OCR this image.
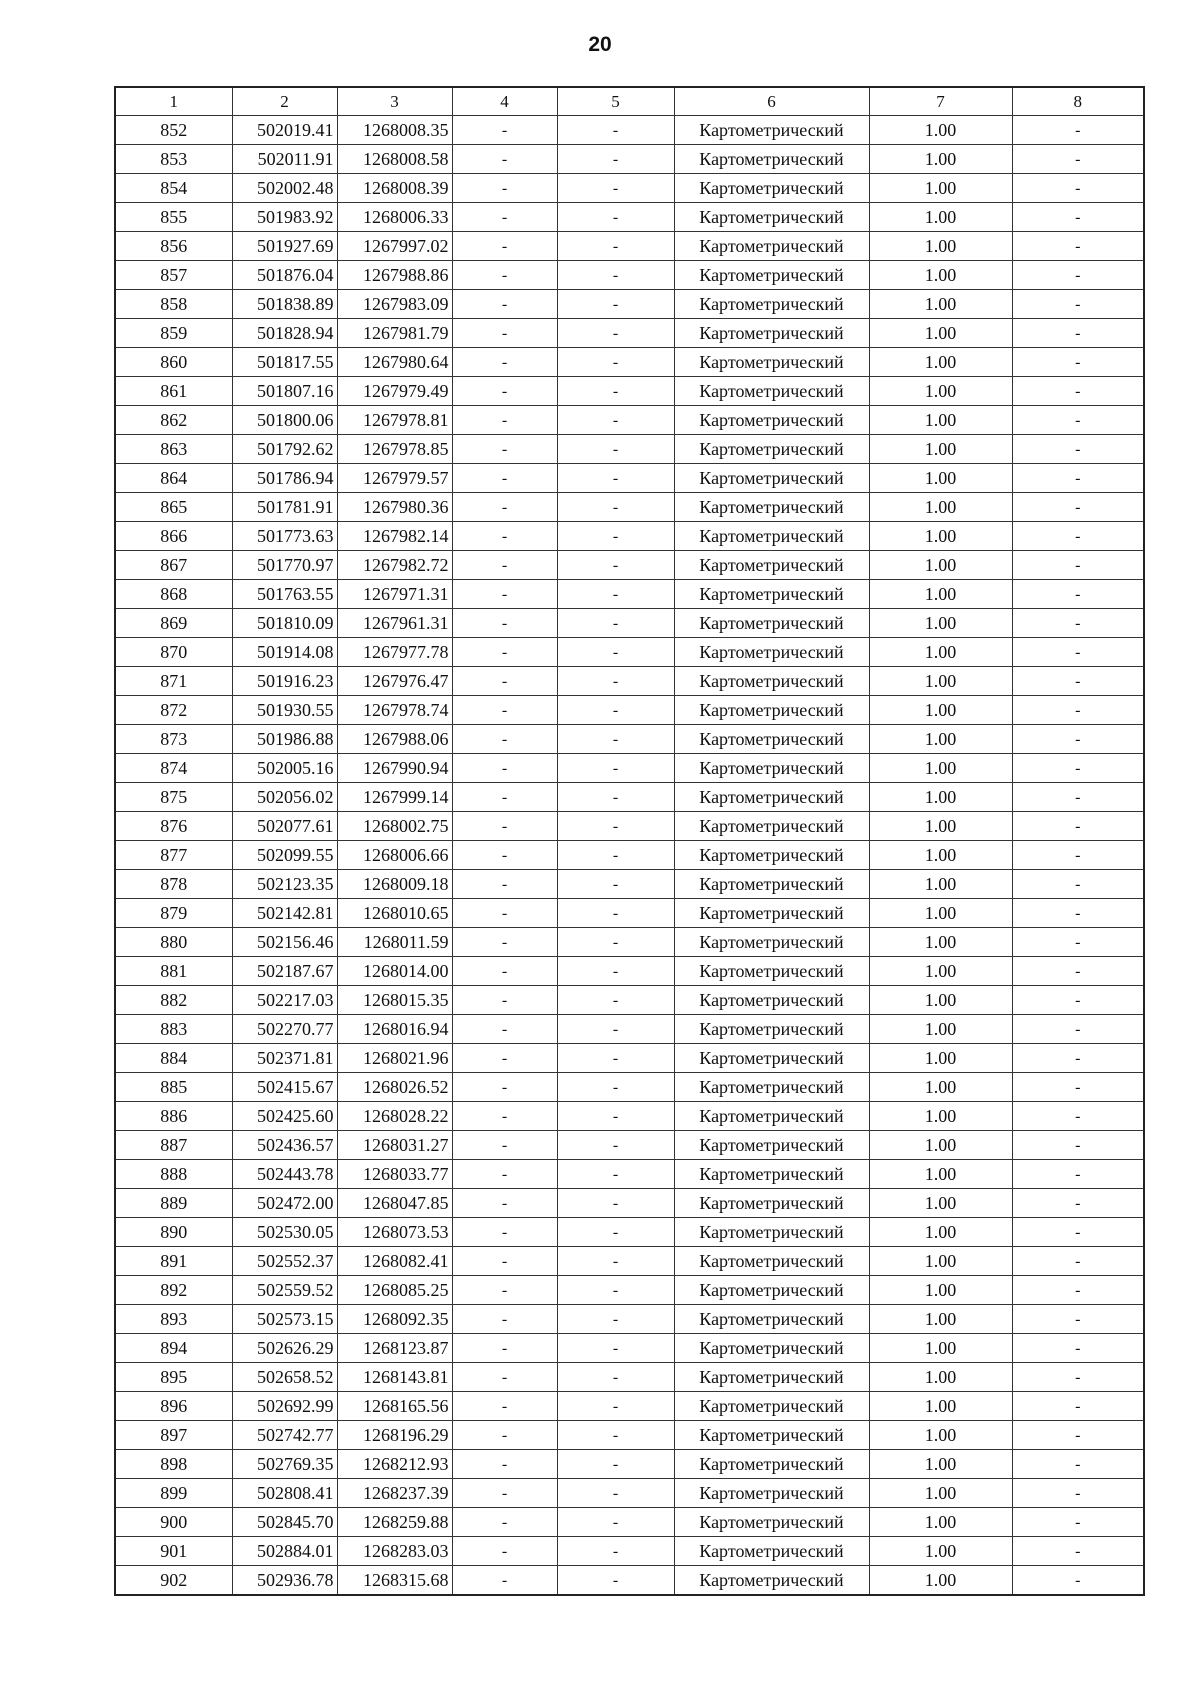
20
1	2	3	4	5	6	7	8
852	502019.41	1268008.35	-	-	Картометрический	1.00	-
853	502011.91	1268008.58	-	-	Картометрический	1.00	-
854	502002.48	1268008.39	-	-	Картометрический	1.00	-
855	501983.92	1268006.33	-	-	Картометрический	1.00	-
856	501927.69	1267997.02	-	-	Картометрический	1.00	-
857	501876.04	1267988.86	-	-	Картометрический	1.00	-
858	501838.89	1267983.09	-	-	Картометрический	1.00	-
859	501828.94	1267981.79	-	-	Картометрический	1.00	-
860	501817.55	1267980.64	-	-	Картометрический	1.00	-
861	501807.16	1267979.49	-	-	Картометрический	1.00	-
862	501800.06	1267978.81	-	-	Картометрический	1.00	-
863	501792.62	1267978.85	-	-	Картометрический	1.00	-
864	501786.94	1267979.57	-	-	Картометрический	1.00	-
865	501781.91	1267980.36	-	-	Картометрический	1.00	-
866	501773.63	1267982.14	-	-	Картометрический	1.00	-
867	501770.97	1267982.72	-	-	Картометрический	1.00	-
868	501763.55	1267971.31	-	-	Картометрический	1.00	-
869	501810.09	1267961.31	-	-	Картометрический	1.00	-
870	501914.08	1267977.78	-	-	Картометрический	1.00	-
871	501916.23	1267976.47	-	-	Картометрический	1.00	-
872	501930.55	1267978.74	-	-	Картометрический	1.00	-
873	501986.88	1267988.06	-	-	Картометрический	1.00	-
874	502005.16	1267990.94	-	-	Картометрический	1.00	-
875	502056.02	1267999.14	-	-	Картометрический	1.00	-
876	502077.61	1268002.75	-	-	Картометрический	1.00	-
877	502099.55	1268006.66	-	-	Картометрический	1.00	-
878	502123.35	1268009.18	-	-	Картометрический	1.00	-
879	502142.81	1268010.65	-	-	Картометрический	1.00	-
880	502156.46	1268011.59	-	-	Картометрический	1.00	-
881	502187.67	1268014.00	-	-	Картометрический	1.00	-
882	502217.03	1268015.35	-	-	Картометрический	1.00	-
883	502270.77	1268016.94	-	-	Картометрический	1.00	-
884	502371.81	1268021.96	-	-	Картометрический	1.00	-
885	502415.67	1268026.52	-	-	Картометрический	1.00	-
886	502425.60	1268028.22	-	-	Картометрический	1.00	-
887	502436.57	1268031.27	-	-	Картометрический	1.00	-
888	502443.78	1268033.77	-	-	Картометрический	1.00	-
889	502472.00	1268047.85	-	-	Картометрический	1.00	-
890	502530.05	1268073.53	-	-	Картометрический	1.00	-
891	502552.37	1268082.41	-	-	Картометрический	1.00	-
892	502559.52	1268085.25	-	-	Картометрический	1.00	-
893	502573.15	1268092.35	-	-	Картометрический	1.00	-
894	502626.29	1268123.87	-	-	Картометрический	1.00	-
895	502658.52	1268143.81	-	-	Картометрический	1.00	-
896	502692.99	1268165.56	-	-	Картометрический	1.00	-
897	502742.77	1268196.29	-	-	Картометрический	1.00	-
898	502769.35	1268212.93	-	-	Картометрический	1.00	-
899	502808.41	1268237.39	-	-	Картометрический	1.00	-
900	502845.70	1268259.88	-	-	Картометрический	1.00	-
901	502884.01	1268283.03	-	-	Картометрический	1.00	-
902	502936.78	1268315.68	-	-	Картометрический	1.00	-
